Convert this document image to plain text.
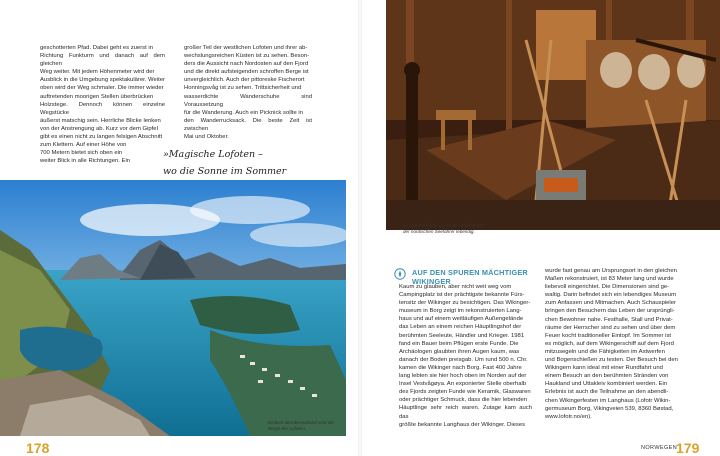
geschotterten Pfad. Dabei geht es zuerst in
Richtung Funkturm und danach auf dem gleichen
Weg weiter. Mit jedem Höhenmeter wird der
Ausblick in die Umgebung spektakulärer. Weiter
oben wird der Weg schmaler. Die immer wieder
auftretenden moorigen Stellen überbrücken
Holzstege. Dennoch können einzelne Wegstücke
äußerst matschig sein. Herrliche Blicke lenken
von der Anstrengung ab. Kurz vor dem Gipfel
gibt es einen nicht zu langen felsigen Abschnitt
zum Klettern. Auf einer Höhe von
700 Metern bietet sich oben ein
weiter Blick in alle Richtungen. Ein
großer Teil der westlichen Lofoten und ihrer ab-
wechslungsreichen Küsten ist zu sehen. Beson-
ders die Aussicht nach Nordosten auf den Fjord
und die direkt aufsteigenden schroffen Berge ist
unvergleichlich. Auch der pittoreske Fischerort
Honningsvåg ist zu sehen. Trittsicherheit und
wasserdichte Wanderschuhe sind Voraussetzung
für die Wanderung. Auch ein Picknick sollte in
den Wanderrucksack. Die beste Zeit ist zwischen
Mai und Oktober.
»Magische Lofoten –
wo die Sonne im Sommer

Einfach atemberaubend sind die
Berge der Lofoten.
178
Im Lofotr Wikingermuseum wird die Zeit
der nordischen Seefahrer lebendig.
AUF DEN SPUREN MÄCHTIGER
WIKINGER
Kaum zu glauben, aber nicht weit weg vom
Campingplatz ist der prächtigste bekannte Fürs-
tensitz der Wikinger zu besichtigen. Das Wikinger-
museum in Borg zeigt im rekonstruierten Lang-
haus und auf einem weitläufigen Außengelände
das Leben an einem reichen Häuptlingshof der
berühmten Seeleute, Händler und Krieger. 1981
fand ein Bauer beim Pflügen erste Funde. Die
Archäologen glaubten ihren Augen kaum, was
danach der Boden preisgab. Um rund 500 n. Chr.
kamen die Wikinger nach Borg. Fast 400 Jahre
lang lebten sie hier hoch oben im Norden auf der
Insel Vestvågøya. An exponierter Stelle oberhalb
des Fjords zeigten Funde wie Keramik, Glaswaren
oder prächtiger Schmuck, dass die hier lebenden
Häuptlinge sehr reich waren. Zutage kam auch das
größte bekannte Langhaus der Wikinger. Dieses
wurde fast genau am Ursprungsort in den gleichen
Maßen rekonstruiert, ist 83 Meter lang und wurde
liebevoll eingerichtet. Die Dimensionen sind ge-
waltig. Darin befindet sich ein lebendiges Museum
zum Anfassen und Mitmachen. Auch Schauspieler
bringen den Besuchern das Leben der ursprüngli-
chen Bewohner nahe. Festhalle, Stall und Privat-
räume der Herrscher sind zu sehen und über dem
Feuer kocht traditioneller Eintopf. Im Sommer ist
es möglich, auf dem Wikingerschiff auf dem Fjord
mitzusegeln und die Fähigkeiten im Axtwerfen
und Bogenschießen zu testen. Der Besuch bei den
Wikingern kann ideal mit einer Rundfahrt und
einem Besuch an den berühmten Stränden von
Haukland und Uttakleiv kombiniert werden. Ein
Erlebnis ist auch die Teilnahme an den abendli-
chen Wikingerfesten im Langhaus (Lofotr Wikin-
germuseum Borg, Vikingveien 539, 8360 Bøstad,
www.lofotr.no/en).
NORWEGEN
179
